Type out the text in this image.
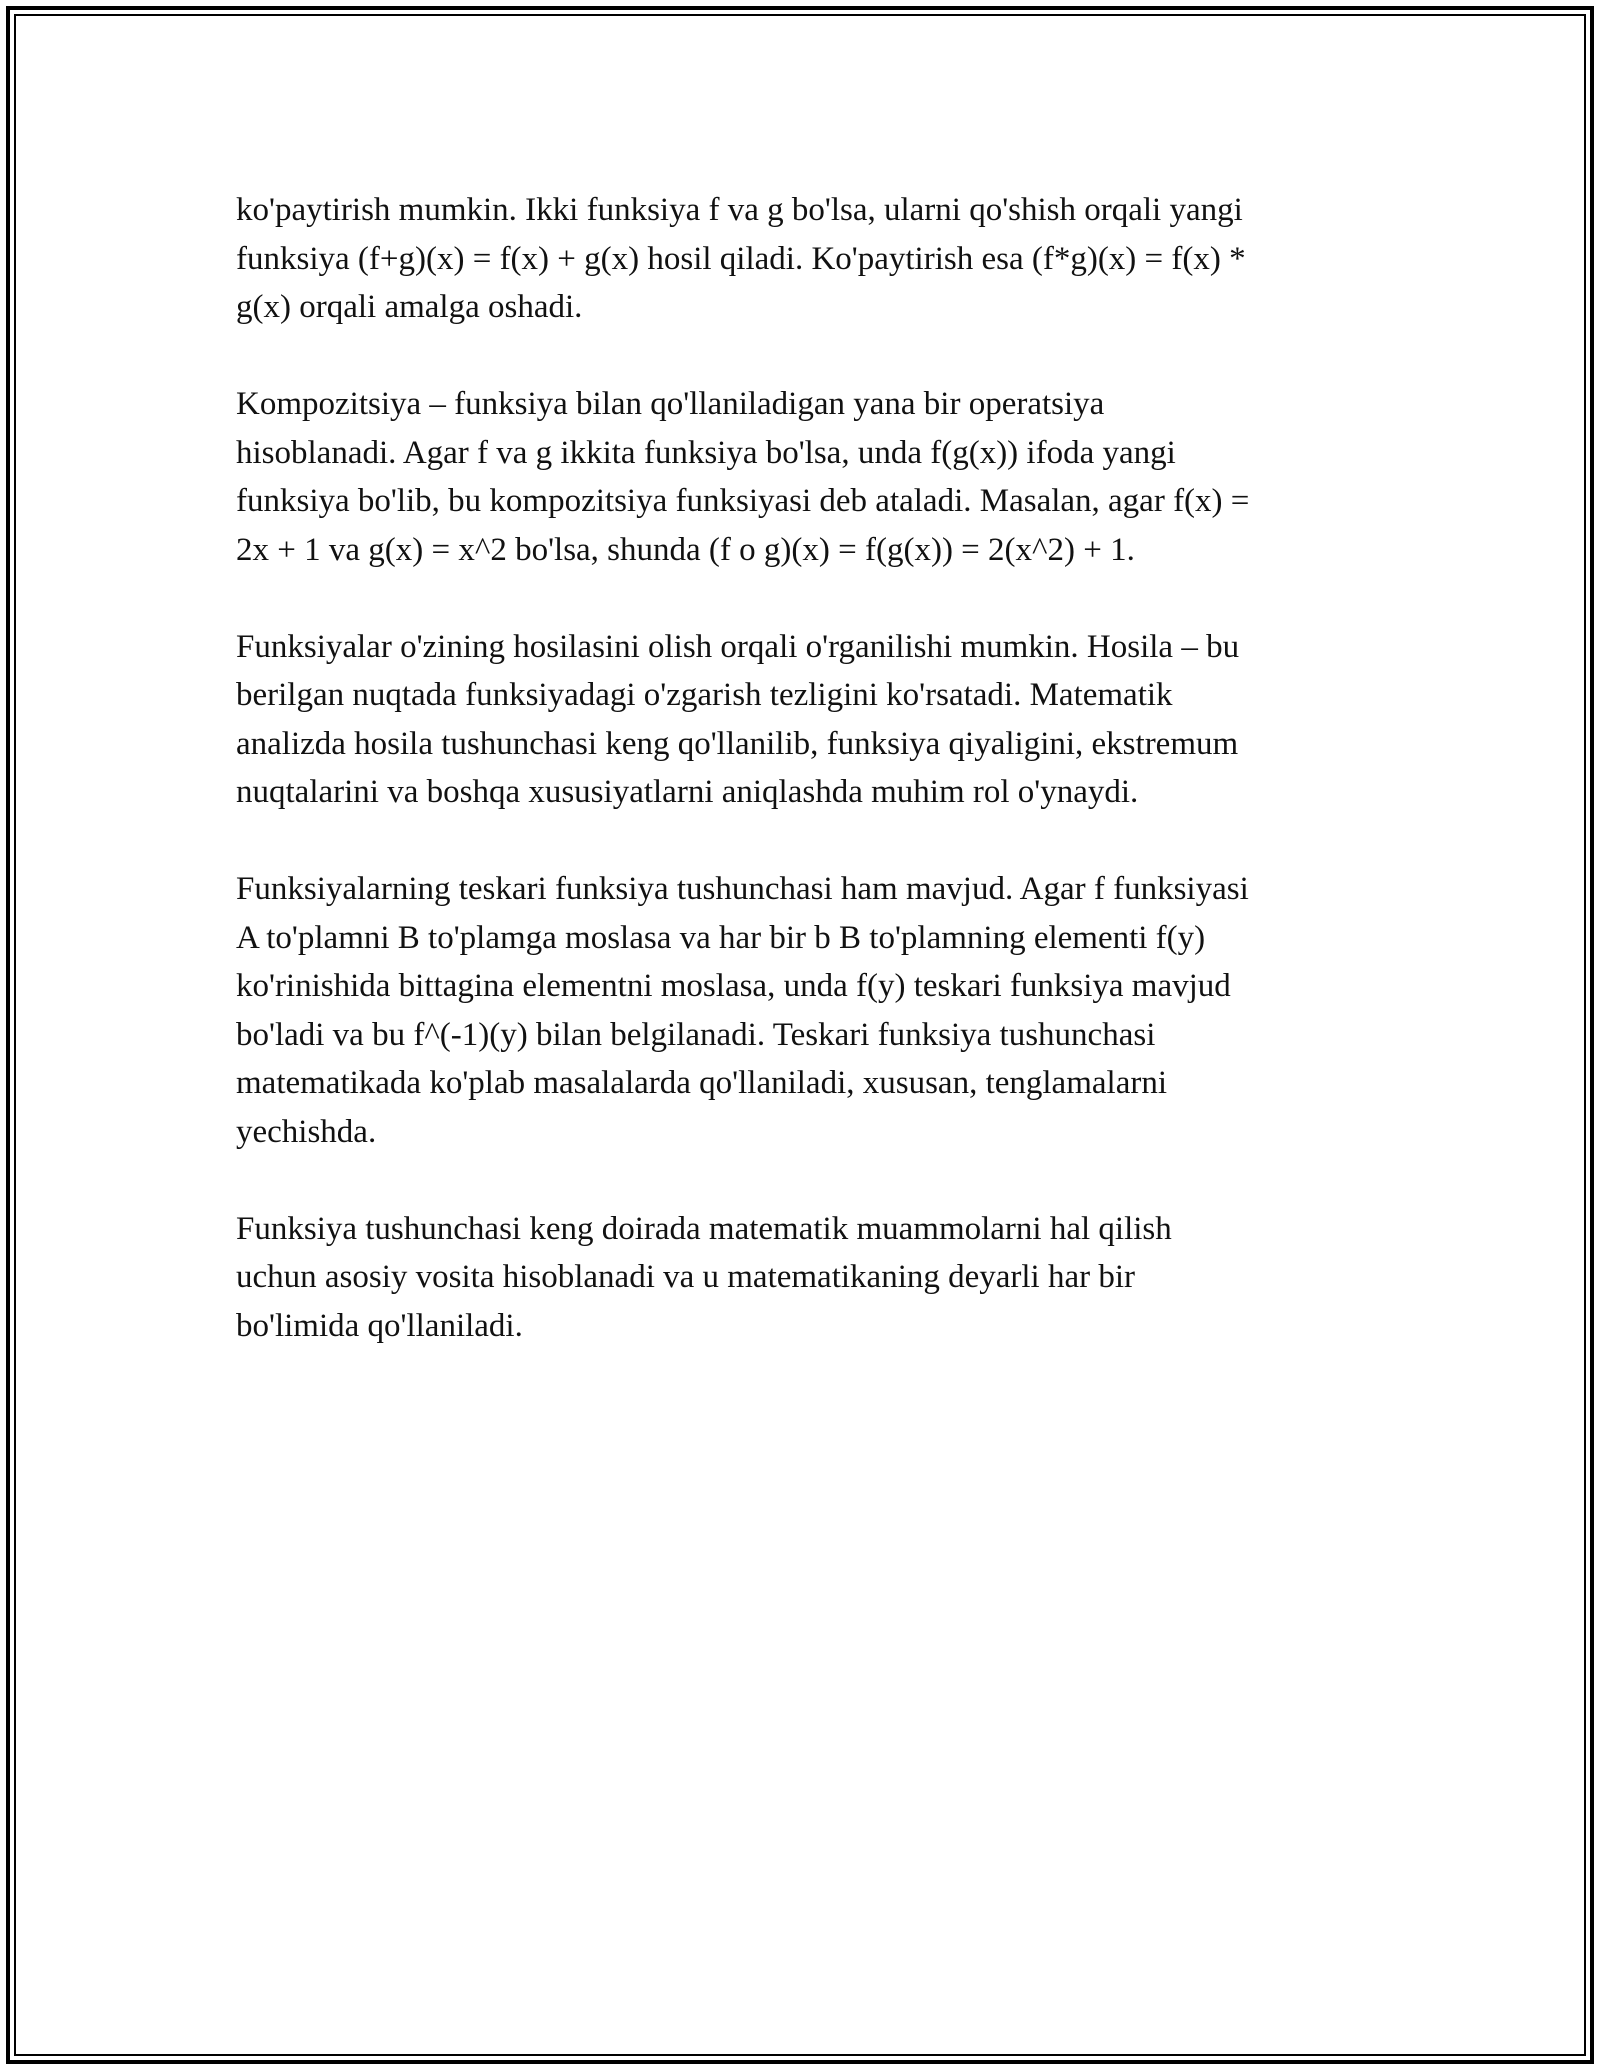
ko'paytirish mumkin. Ikki funksiya f va g bo'lsa, ularni qo'shish orqali yangi
funksiya (f+g)(x) = f(x) + g(x) hosil qiladi. Ko'paytirish esa (f*g)(x) = f(x) *
g(x) orqali amalga oshadi.

Kompozitsiya – funksiya bilan qo'llaniladigan yana bir operatsiya
hisoblanadi. Agar f va g ikkita funksiya bo'lsa, unda f(g(x)) ifoda yangi
funksiya bo'lib, bu kompozitsiya funksiyasi deb ataladi. Masalan, agar f(x) =
2x + 1 va g(x) = x^2 bo'lsa, shunda (f o g)(x) = f(g(x)) = 2(x^2) + 1.

Funksiyalar o'zining hosilasini olish orqali o'rganilishi mumkin. Hosila – bu
berilgan nuqtada funksiyadagi o'zgarish tezligini ko'rsatadi. Matematik
analizda hosila tushunchasi keng qo'llanilib, funksiya qiyaligini, ekstremum
nuqtalarini va boshqa xususiyatlarni aniqlashda muhim rol o'ynaydi.

Funksiyalarning teskari funksiya tushunchasi ham mavjud. Agar f funksiyasi
A to'plamni B to'plamga moslasa va har bir b B to'plamning elementi f(y)
ko'rinishida bittagina elementni moslasa, unda f(y) teskari funksiya mavjud
bo'ladi va bu f^(-1)(y) bilan belgilanadi. Teskari funksiya tushunchasi
matematikada ko'plab masalalarda qo'llaniladi, xususan, tenglamalarni
yechishda.

Funksiya tushunchasi keng doirada matematik muammolarni hal qilish
uchun asosiy vosita hisoblanadi va u matematikaning deyarli har bir
bo'limida qo'llaniladi.
